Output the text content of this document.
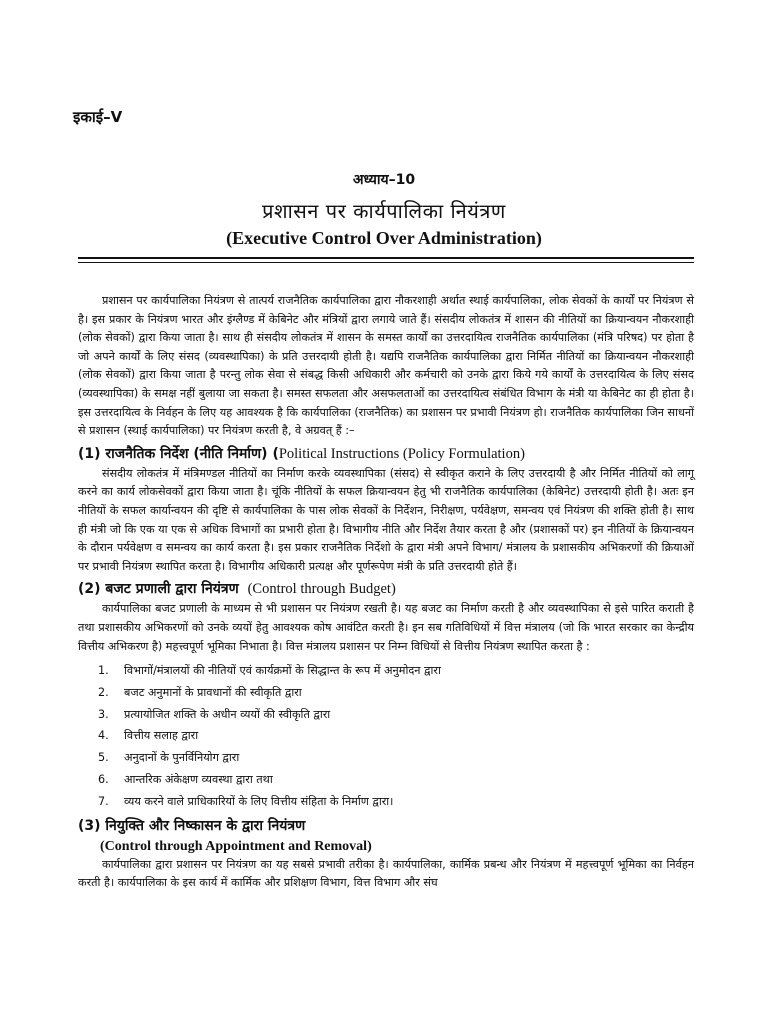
इकाई–V
अध्याय–10
प्रशासन पर कार्यपालिका नियंत्रण
(Executive Control Over Administration)

प्रशासन पर कार्यपालिका नियंत्रण से तात्पर्य राजनैतिक कार्यपालिका द्वारा नौकरशाही अर्थात स्थाई कार्यपालिका, लोक सेवकों के कार्यों पर नियंत्रण से है। इस प्रकार के नियंत्रण भारत और इंग्लैण्ड में केबिनेट और मंत्रियों द्वारा लगाये जाते हैं। संसदीय लोकतंत्र में शासन की नीतियों का क्रियान्वयन नौकरशाही (लोक सेवकों) द्वारा किया जाता है। साथ ही संसदीय लोकतंत्र में शासन के समस्त कार्यों का उत्तरदायित्व राजनैतिक कार्यपालिका (मंत्रि परिषद) पर होता है जो अपने कार्यों के लिए संसद (व्यवस्थापिका) के प्रति उत्तरदायी होती है। यद्यपि राजनैतिक कार्यपालिका द्वारा निर्मित नीतियों का क्रियान्वयन नौकरशाही (लोक सेवकों) द्वारा किया जाता है परन्तु लोक सेवा से संबद्ध किसी अधिकारी और कर्मचारी को उनके द्वारा किये गये कार्यों के उत्तरदायित्व के लिए संसद (व्यवस्थापिका) के समक्ष नहीं बुलाया जा सकता है। समस्त सफलता और असफलताओं का उत्तरदायित्व संबंधित विभाग के मंत्री या केबिनेट का ही होता है। इस उत्तरदायित्व के निर्वहन के लिए यह आवश्यक है कि कार्यपालिका (राजनैतिक) का प्रशासन पर प्रभावी नियंत्रण हो। राजनैतिक कार्यपालिका जिन साधनों से प्रशासन (स्थाई कार्यपालिका) पर नियंत्रण करती है, वे अग्रवत् हैं :–

(1) राजनैतिक निर्देश (नीति निर्माण) (Political Instructions (Policy Formulation)

संसदीय लोकतंत्र में मंत्रिमण्डल नीतियों का निर्माण करके व्यवस्थापिका (संसद) से स्वीकृत कराने के लिए उत्तरदायी है और निर्मित नीतियों को लागू करने का कार्य लोकसेवकों द्वारा किया जाता है। चूंकि नीतियों के सफल क्रियान्वयन हेतु भी राजनैतिक कार्यपालिका (केबिनेट) उत्तरदायी होती है। अतः इन नीतियों के सफल कार्यान्वयन की दृष्टि से कार्यपालिका के पास लोक सेवकों के निर्देशन, निरीक्षण, पर्यवेक्षण, समन्वय एवं नियंत्रण की शक्ति होती है। साथ ही मंत्री जो कि एक या एक से अधिक विभागों का प्रभारी होता है। विभागीय नीति और निर्देश तैयार करता है और (प्रशासकों पर) इन नीतियों के क्रियान्वयन के दौरान पर्यवेक्षण व समन्वय का कार्य करता है। इस प्रकार राजनैतिक निर्देशो के द्वारा मंत्री अपने विभाग/ मंत्रालय के प्रशासकीय अभिकरणों की क्रियाओं पर प्रभावी नियंत्रण स्थापित करता है। विभागीय अधिकारी प्रत्यक्ष और पूर्णरूपेण मंत्री के प्रति उत्तरदायी होते हैं।

(2) बजट प्रणाली द्वारा नियंत्रण (Control through Budget)

कार्यपालिका बजट प्रणाली के माध्यम से भी प्रशासन पर नियंत्रण रखती है। यह बजट का निर्माण करती है और व्यवस्थापिका से इसे पारित कराती है तथा प्रशासकीय अभिकरणों को उनके व्ययों हेतु आवश्यक कोष आवंटित करती है। इन सब गतिविधियों में वित्त मंत्रालय (जो कि भारत सरकार का केन्द्रीय वित्तीय अभिकरण है) महत्त्वपूर्ण भूमिका निभाता है। वित्त मंत्रालय प्रशासन पर निम्न विधियों से वित्तीय नियंत्रण स्थापित करता है :

1.	विभागों/मंत्रालयों की नीतियों एवं कार्यक्रमों के सिद्धान्त के रूप में अनुमोदन द्वारा
2.	बजट अनुमानों के प्रावधानों की स्वीकृति द्वारा
3.	प्रत्यायोजित शक्ति के अधीन व्ययों की स्वीकृति द्वारा
4.	वित्तीय सलाह द्वारा
5.	अनुदानों के पुनर्विनियोग द्वारा
6.	आन्तरिक अंकेक्षण व्यवस्था द्वारा तथा
7.	व्यय करने वाले प्राधिकारियों के लिए वित्तीय संहिता के निर्माण द्वारा।
(3) नियुक्ति और निष्कासन के द्वारा नियंत्रण
(Control through Appointment and Removal)

कार्यपालिका द्वारा प्रशासन पर नियंत्रण का यह सबसे प्रभावी तरीका है। कार्यपालिका, कार्मिक प्रबन्ध और नियंत्रण में महत्त्वपूर्ण भूमिका का निर्वहन करती है। कार्यपालिका के इस कार्य में कार्मिक और प्रशिक्षण विभाग, वित्त विभाग और संघ
